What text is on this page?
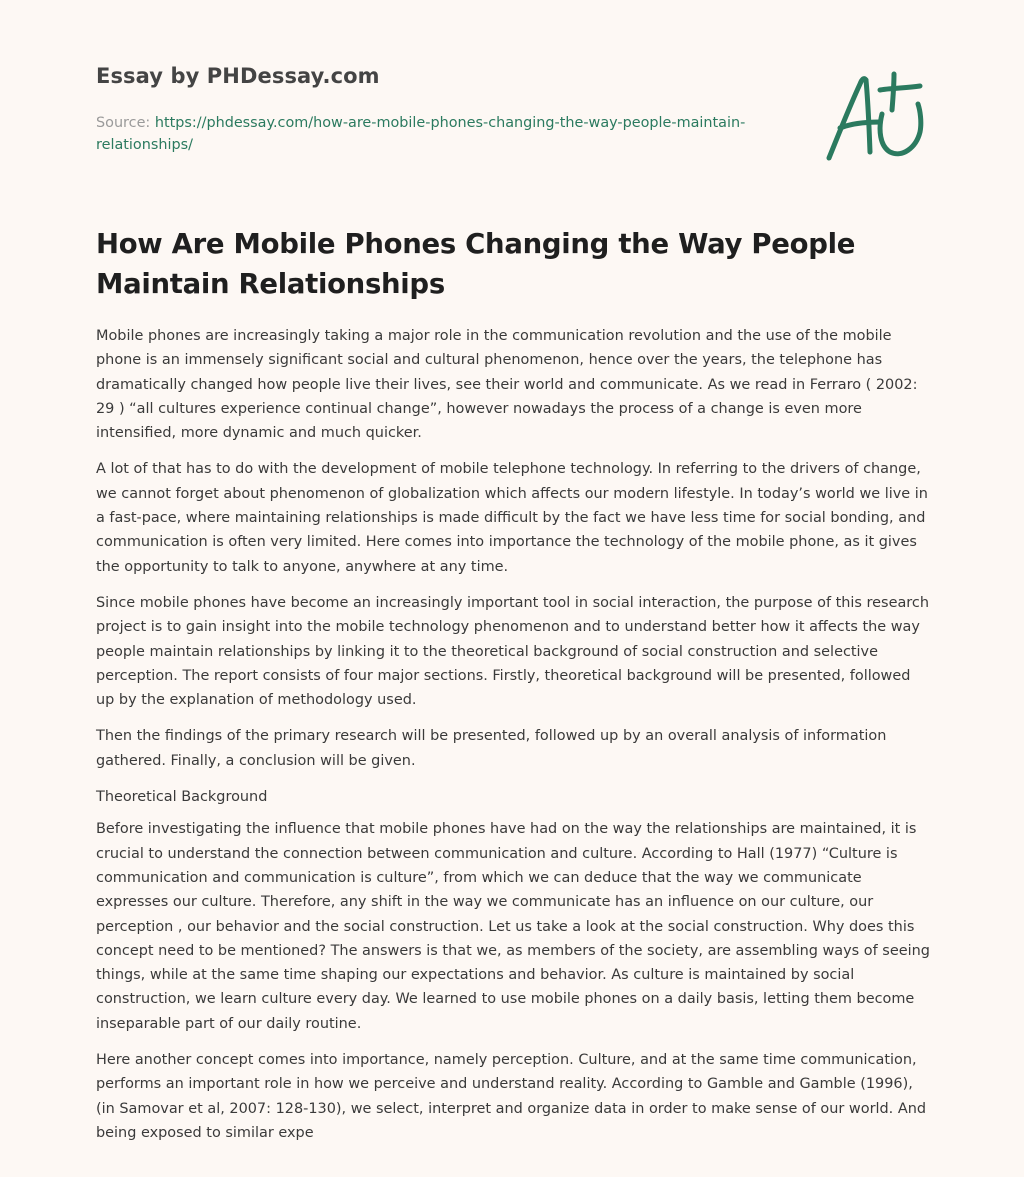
Essay by PHDessay.com
Source: https://phdessay.com/how-are-mobile-phones-changing-the-way-people-maintain-relationships/
How Are Mobile Phones Changing the Way People Maintain Relationships

Mobile phones are increasingly taking a major role in the communication revolution and the use of the mobile phone is an immensely significant social and cultural phenomenon, hence over the years, the telephone has dramatically changed how people live their lives, see their world and communicate. As we read in Ferraro ( 2002: 29 ) “all cultures experience continual change”, however nowadays the process of a change is even more intensified, more dynamic and much quicker.

A lot of that has to do with the development of mobile telephone technology. In referring to the drivers of change, we cannot forget about phenomenon of globalization which affects our modern lifestyle. In today’s world we live in a fast-pace, where maintaining relationships is made difficult by the fact we have less time for social bonding, and communication is often very limited. Here comes into importance the technology of the mobile phone, as it gives the opportunity to talk to anyone, anywhere at any time.

Since mobile phones have become an increasingly important tool in social interaction, the purpose of this research project is to gain insight into the mobile technology phenomenon and to understand better how it affects the way people maintain relationships by linking it to the theoretical background of social construction and selective perception. The report consists of four major sections. Firstly, theoretical background will be presented, followed up by the explanation of methodology used.

Then the findings of the primary research will be presented, followed up by an overall analysis of information gathered. Finally, a conclusion will be given.

Theoretical Background

Before investigating the influence that mobile phones have had on the way the relationships are maintained, it is crucial to understand the connection between communication and culture. According to Hall (1977) “Culture is communication and communication is culture”, from which we can deduce that the way we communicate expresses our culture. Therefore, any shift in the way we communicate has an influence on our culture, our perception , our behavior and the social construction. Let us take a look at the social construction. Why does this concept need to be mentioned? The answers is that we, as members of the society, are assembling ways of seeing things, while at the same time shaping our expectations and behavior. As culture is maintained by social construction, we learn culture every day. We learned to use mobile phones on a daily basis, letting them become inseparable part of our daily routine.

Here another concept comes into importance, namely perception. Culture, and at the same time communication, performs an important role in how we perceive and understand reality. According to Gamble and Gamble (1996), (in Samovar et al, 2007: 128-130), we select, interpret and organize data in order to make sense of our world. And being exposed to similar expe
